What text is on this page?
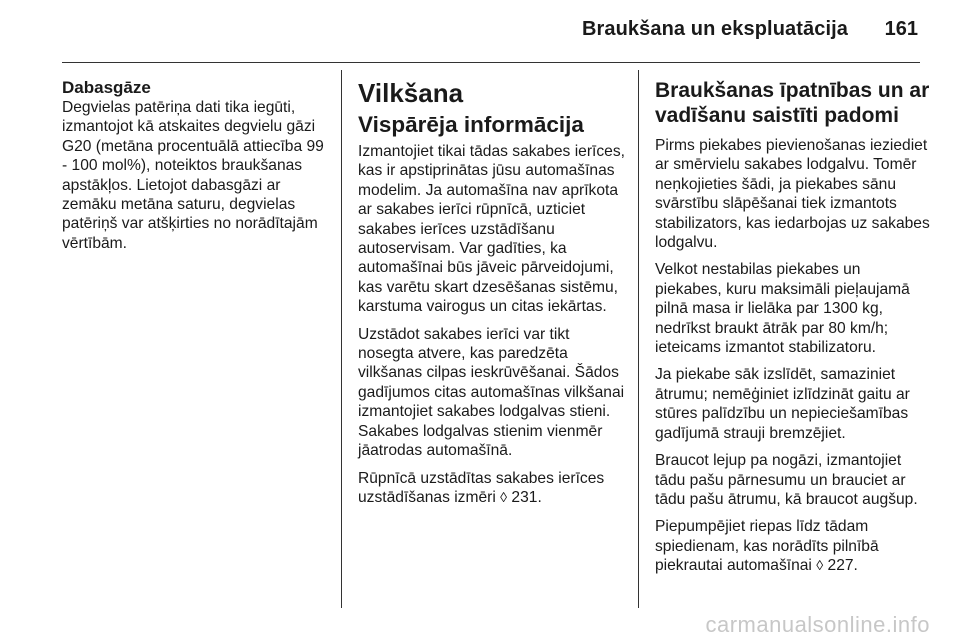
Braukšana un ekspluatācija 161
Dabasgāze

Degvielas patēriņa dati tika iegūti, izmantojot kā atskaites degvielu gāzi G20 (metāna procentuālā attiecība 99 - 100 mol%), noteiktos braukšanas apstākļos. Lietojot dabasgāzi ar zemāku metāna saturu, degvielas patēriņš var atšķirties no norādītajām vērtībām.

Vilkšana
Vispārēja informācija

Izmantojiet tikai tādas sakabes ierīces, kas ir apstiprinātas jūsu automašīnas modelim. Ja automašīna nav aprīkota ar sakabes ierīci rūpnīcā, uzticiet sakabes ierīces uzstādīšanu autoservisam. Var gadīties, ka automašīnai būs jāveic pārveidojumi, kas varētu skart dzesēšanas sistēmu, karstuma vairogus un citas iekārtas.

Uzstādot sakabes ierīci var tikt nosegta atvere, kas paredzēta vilkšanas cilpas ieskrūvēšanai. Šādos gadījumos citas automašīnas vilkšanai izmantojiet sakabes lodgalvas stieni. Sakabes lodgalvas stienim vienmēr jāatrodas automašīnā.

Rūpnīcā uzstādītas sakabes ierīces uzstādīšanas izmēri ◊ 231.

Braukšanas īpatnības un ar vadīšanu saistīti padomi

Pirms piekabes pievienošanas ieziediet ar smērvielu sakabes lodgalvu. Tomēr neņkojieties šādi, ja piekabes sānu svārstību slāpēšanai tiek izmantots stabilizators, kas iedarbojas uz sakabes lodgalvu.

Velkot nestabilas piekabes un piekabes, kuru maksimāli pieļaujamā pilnā masa ir lielāka par 1300 kg, nedrīkst braukt ātrāk par 80 km/h; ieteicams izmantot stabilizatoru.

Ja piekabe sāk izslīdēt, samaziniet ātrumu; nemēģiniet izlīdzināt gaitu ar stūres palīdzību un nepieciešamības gadījumā strauji bremzējiet.

Braucot lejup pa nogāzi, izmantojiet tādu pašu pārnesumu un brauciet ar tādu pašu ātrumu, kā braucot augšup.

Piepumpējiet riepas līdz tādam spiedienam, kas norādīts pilnībā piekrautai automašīnai ◊ 227.

carmanualsonline.info
